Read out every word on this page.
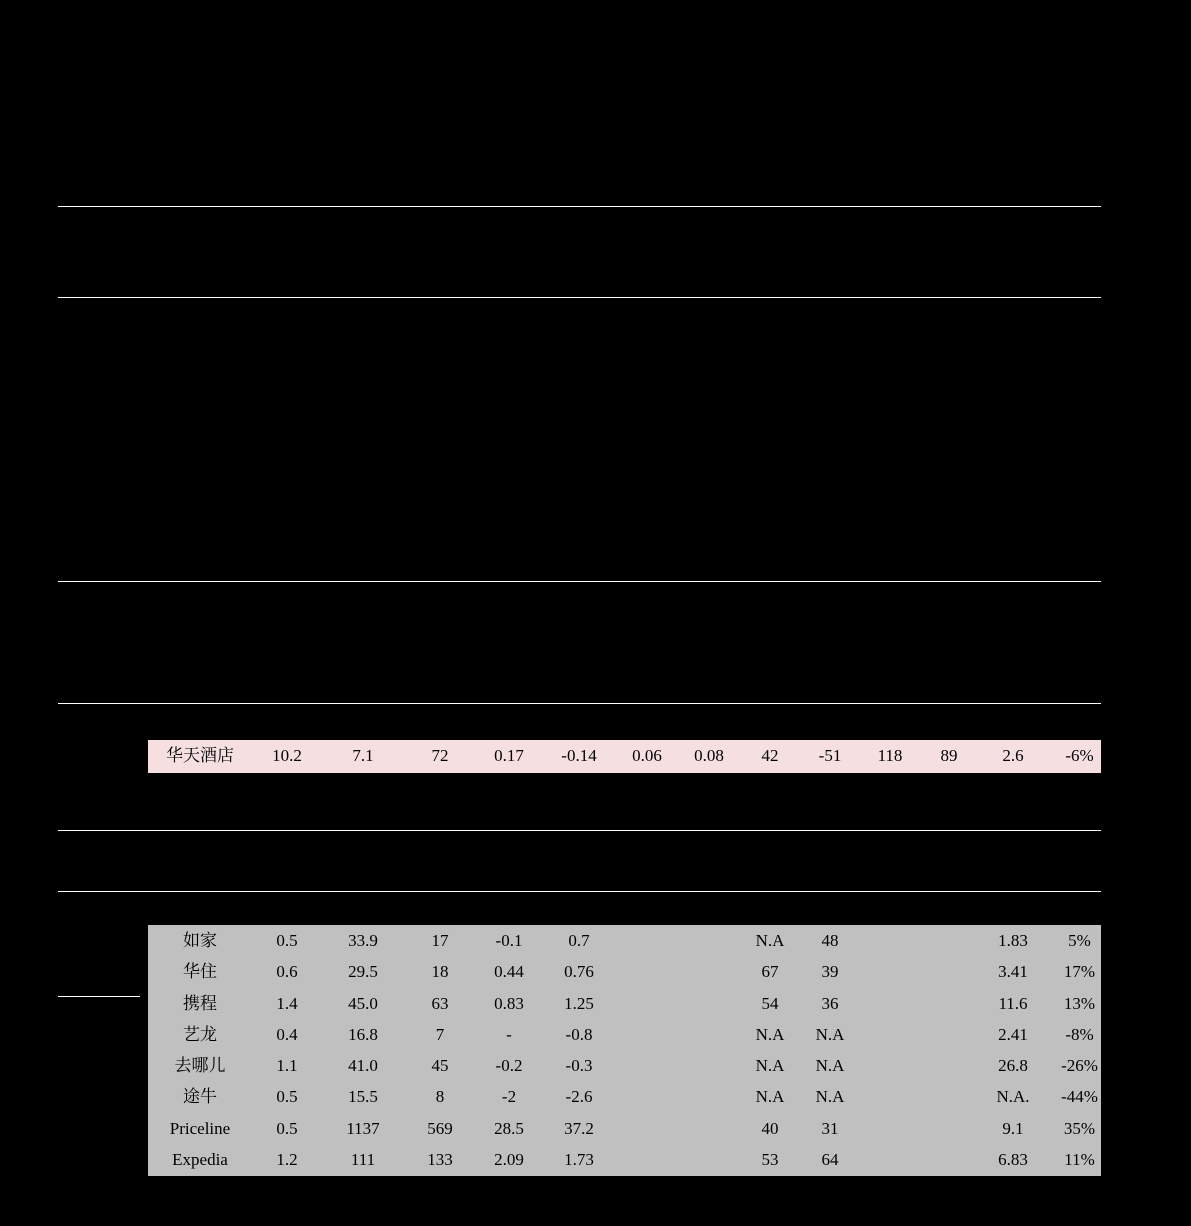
华天酒店	10.2	7.1	72	0.17	-0.14	0.06	0.08	42	-51	118	89	2.6	-6%
如家	0.5	33.9	17	-0.1	0.7			N.A	48			1.83	5%
华住	0.6	29.5	18	0.44	0.76			67	39			3.41	17%
携程	1.4	45.0	63	0.83	1.25			54	36			11.6	13%
艺龙	0.4	16.8	7	-	-0.8			N.A	N.A			2.41	-8%
去哪儿	1.1	41.0	45	-0.2	-0.3			N.A	N.A			26.8	-26%
途牛	0.5	15.5	8	-2	-2.6			N.A	N.A			N.A.	-44%
Priceline	0.5	1137	569	28.5	37.2			40	31			9.1	35%
Expedia	1.2	111	133	2.09	1.73			53	64			6.83	11%
